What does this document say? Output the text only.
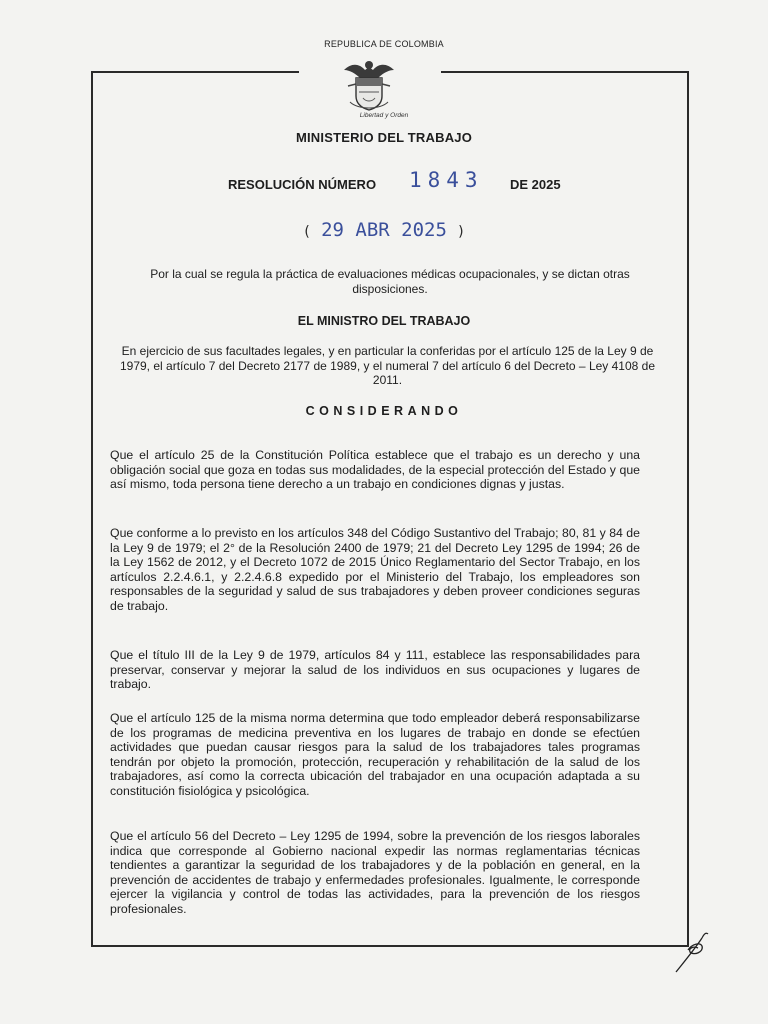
REPUBLICA DE COLOMBIA
Libertad y Orden
MINISTERIO DEL TRABAJO
RESOLUCIÓN NÚMERO 1843 DE 2025
( 29 ABR 2025 )
Por la cual se regula la práctica de evaluaciones médicas ocupacionales, y se dictan otras disposiciones.
EL MINISTRO DEL TRABAJO
En ejercicio de sus facultades legales, y en particular la conferidas por el artículo 125 de la Ley 9 de 1979, el artículo 7 del Decreto 2177 de 1989, y el numeral 7 del artículo 6 del Decreto – Ley 4108 de 2011.
CONSIDERANDO
Que el artículo 25 de la Constitución Política establece que el trabajo es un derecho y una obligación social que goza en todas sus modalidades, de la especial protección del Estado y que así mismo, toda persona tiene derecho a un trabajo en condiciones dignas y justas.
Que conforme a lo previsto en los artículos 348 del Código Sustantivo del Trabajo; 80, 81 y 84 de la Ley 9 de 1979; el 2° de la Resolución 2400 de 1979; 21 del Decreto Ley 1295 de 1994; 26 de la Ley 1562 de 2012, y el Decreto 1072 de 2015 Único Reglamentario del Sector Trabajo, en los artículos 2.2.4.6.1, y 2.2.4.6.8 expedido por el Ministerio del Trabajo, los empleadores son responsables de la seguridad y salud de sus trabajadores y deben proveer condiciones seguras de trabajo.
Que el título III de la Ley 9 de 1979, artículos 84 y 111, establece las responsabilidades para preservar, conservar y mejorar la salud de los individuos en sus ocupaciones y lugares de trabajo.
Que el artículo 125 de la misma norma determina que todo empleador deberá responsabilizarse de los programas de medicina preventiva en los lugares de trabajo en donde se efectúen actividades que puedan causar riesgos para la salud de los trabajadores tales programas tendrán por objeto la promoción, protección, recuperación y rehabilitación de la salud de los trabajadores, así como la correcta ubicación del trabajador en una ocupación adaptada a su constitución fisiológica y psicológica.
Que el artículo 56 del Decreto – Ley 1295 de 1994, sobre la prevención de los riesgos laborales indica que corresponde al Gobierno nacional expedir las normas reglamentarias técnicas tendientes a garantizar la seguridad de los trabajadores y de la población en general, en la prevención de accidentes de trabajo y enfermedades profesionales. Igualmente, le corresponde ejercer la vigilancia y control de todas las actividades, para la prevención de los riesgos profesionales.
